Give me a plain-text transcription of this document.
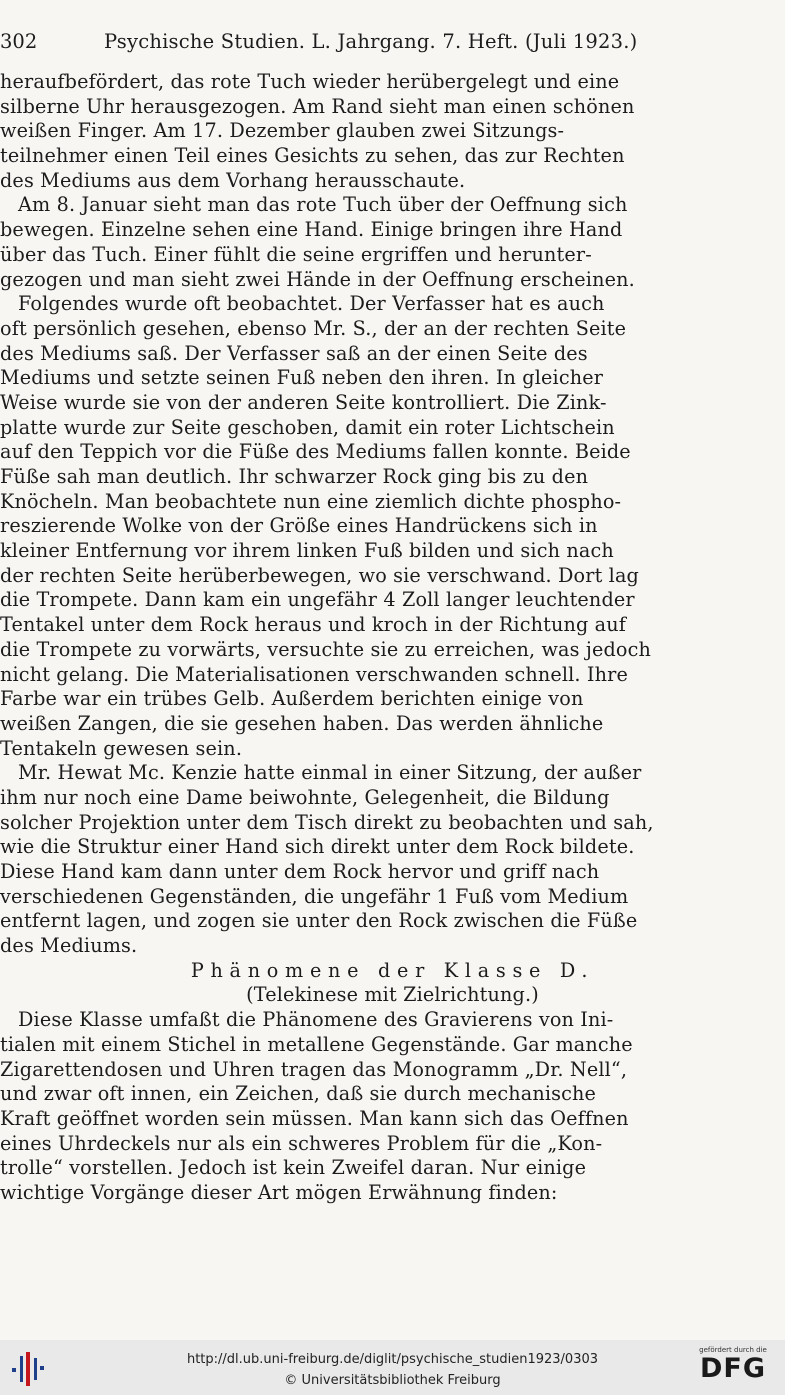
302	Psychische Studien. L. Jahrgang. 7. Heft. (Juli 1923.)
heraufbefördert, das rote Tuch wieder herübergelegt und eine
silberne Uhr herausgezogen. Am Rand sieht man einen schönen
weißen Finger. Am 17. Dezember glauben zwei Sitzungs-
teilnehmer einen Teil eines Gesichts zu sehen, das zur Rechten
des Mediums aus dem Vorhang herausschaute.
Am 8. Januar sieht man das rote Tuch über der Oeffnung sich
bewegen. Einzelne sehen eine Hand. Einige bringen ihre Hand
über das Tuch. Einer fühlt die seine ergriffen und herunter-
gezogen und man sieht zwei Hände in der Oeffnung erscheinen.
Folgendes wurde oft beobachtet. Der Verfasser hat es auch
oft persönlich gesehen, ebenso Mr. S., der an der rechten Seite
des Mediums saß. Der Verfasser saß an der einen Seite des
Mediums und setzte seinen Fuß neben den ihren. In gleicher
Weise wurde sie von der anderen Seite kontrolliert. Die Zink-
platte wurde zur Seite geschoben, damit ein roter Lichtschein
auf den Teppich vor die Füße des Mediums fallen konnte. Beide
Füße sah man deutlich. Ihr schwarzer Rock ging bis zu den
Knöcheln. Man beobachtete nun eine ziemlich dichte phospho-
reszierende Wolke von der Größe eines Handrückens sich in
kleiner Entfernung vor ihrem linken Fuß bilden und sich nach
der rechten Seite herüberbewegen, wo sie verschwand. Dort lag
die Trompete. Dann kam ein ungefähr 4 Zoll langer leuchtender
Tentakel unter dem Rock heraus und kroch in der Richtung auf
die Trompete zu vorwärts, versuchte sie zu erreichen, was jedoch
nicht gelang. Die Materialisationen verschwanden schnell. Ihre
Farbe war ein trübes Gelb. Außerdem berichten einige von
weißen Zangen, die sie gesehen haben. Das werden ähnliche
Tentakeln gewesen sein.
Mr. Hewat Mc. Kenzie hatte einmal in einer Sitzung, der außer
ihm nur noch eine Dame beiwohnte, Gelegenheit, die Bildung
solcher Projektion unter dem Tisch direkt zu beobachten und sah,
wie die Struktur einer Hand sich direkt unter dem Rock bildete.
Diese Hand kam dann unter dem Rock hervor und griff nach
verschiedenen Gegenständen, die ungefähr 1 Fuß vom Medium
entfernt lagen, und zogen sie unter den Rock zwischen die Füße
des Mediums.
Phänomene der Klasse D.
(Telekinese mit Zielrichtung.)
Diese Klasse umfaßt die Phänomene des Gravierens von Ini-
tialen mit einem Stichel in metallene Gegenstände. Gar manche
Zigarettendosen und Uhren tragen das Monogramm „Dr. Nell“,
und zwar oft innen, ein Zeichen, daß sie durch mechanische
Kraft geöffnet worden sein müssen. Man kann sich das Oeffnen
eines Uhrdeckels nur als ein schweres Problem für die „Kon-
trolle“ vorstellen. Jedoch ist kein Zweifel daran. Nur einige
wichtige Vorgänge dieser Art mögen Erwähnung finden:
http://dl.ub.uni-freiburg.de/diglit/psychische_studien1923/0303
© Universitätsbibliothek Freiburg
gefördert durch die
DFG
